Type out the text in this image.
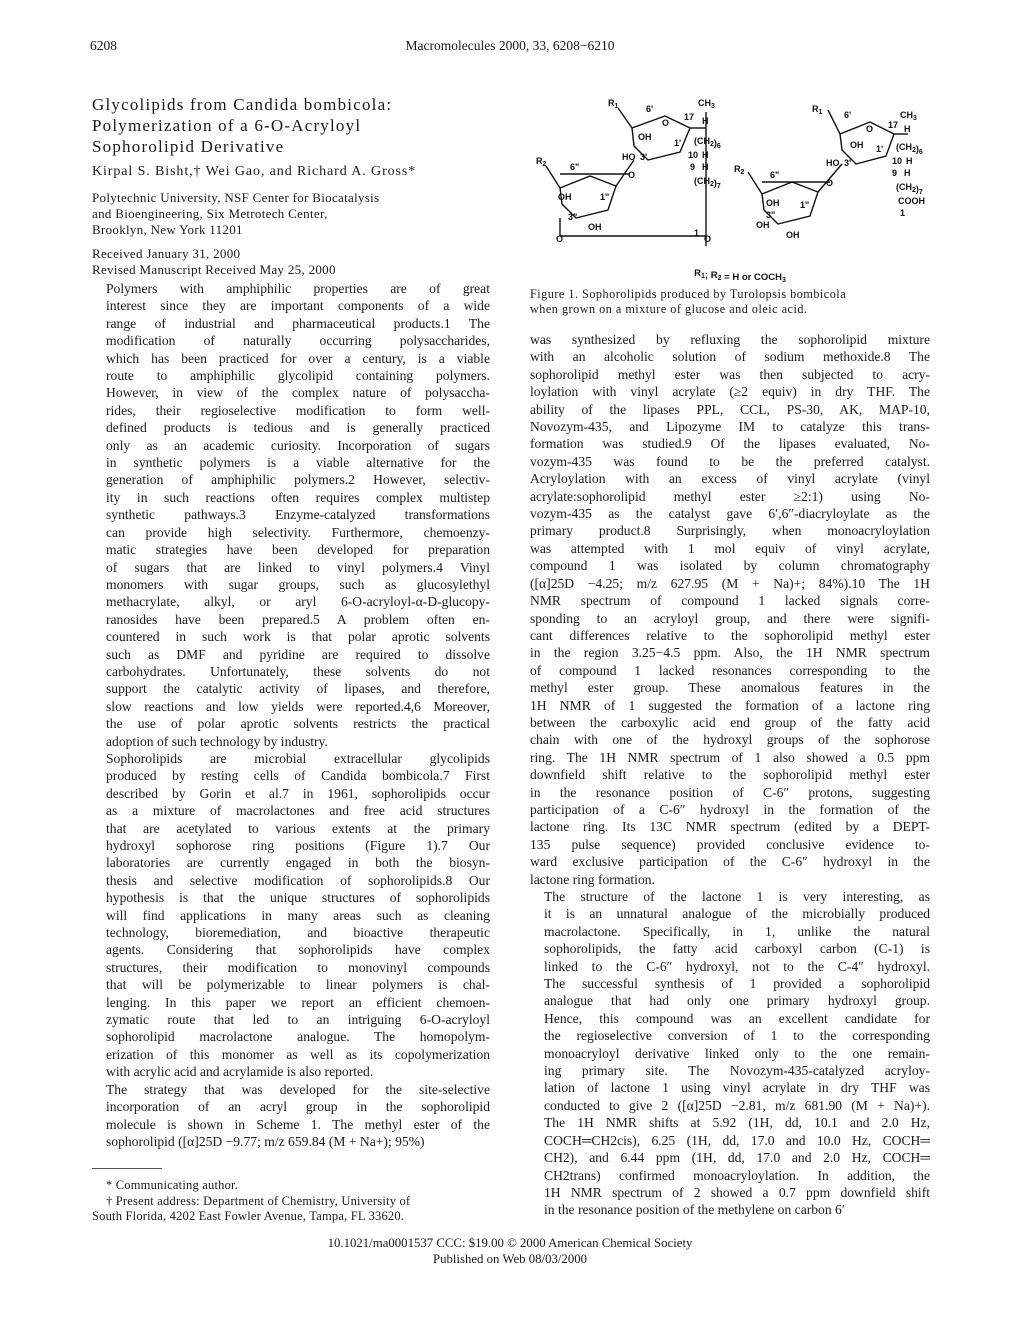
6208	Macromolecules 2000, 33, 6208−6210
Glycolipids from Candida bombicola:
Polymerization of a 6-O-Acryloyl
Sophorolipid Derivative
Kirpal S. Bisht,† Wei Gao, and Richard A. Gross*
Polytechnic University, NSF Center for Biocatalysis
and Bioengineering, Six Metrotech Center,
Brooklyn, New York 11201
Received January 31, 2000
Revised Manuscript Received May 25, 2000
$R_1$	6'
$CH_3$
17 H
O
OH
1' $(CH_2)_6$
HO 3'	10 H
9 H
$(CH_2)_7$
$R_2$	6"
O
OH	1"
3"
OH
1
O	O
$R_1$ 6'	$CH_3$
17 H
O
OH 1' $(CH_2)_6$
HO 3'	10 H
9 H
$(CH_2)_7$
COOH
1
$R_2$	6"
O
OH 1"
3"
OH
OH
$R_1$; $R_2 = H$ or $COCH_3$
Figure 1. Sophorolipids produced by Turolopsis bombicola
when grown on a mixture of glucose and oleic acid.

Polymers with amphiphilic properties are of great
interest since they are important components of a wide
range of industrial and pharmaceutical products.1 The
modification of naturally occurring polysaccharides,
which has been practiced for over a century, is a viable
route to amphiphilic glycolipid containing polymers.
However, in view of the complex nature of polysaccha-
rides, their regioselective modification to form well-
defined products is tedious and is generally practiced
only as an academic curiosity. Incorporation of sugars
in synthetic polymers is a viable alternative for the
generation of amphiphilic polymers.2 However, selectiv-
ity in such reactions often requires complex multistep
synthetic pathways.3 Enzyme-catalyzed transformations
can provide high selectivity. Furthermore, chemoenzy-
matic strategies have been developed for preparation
of sugars that are linked to vinyl polymers.4 Vinyl
monomers with sugar groups, such as glucosylethyl
methacrylate, alkyl, or aryl 6-O-acryloyl-α-D-glucopy-
ranosides have been prepared.5 A problem often en-
countered in such work is that polar aprotic solvents
such as DMF and pyridine are required to dissolve
carbohydrates. Unfortunately, these solvents do not
support the catalytic activity of lipases, and therefore,
slow reactions and low yields were reported.4,6 Moreover,
the use of polar aprotic solvents restricts the practical
adoption of such technology by industry.

Sophorolipids are microbial extracellular glycolipids
produced by resting cells of Candida bombicola.7 First
described by Gorin et al.7 in 1961, sophorolipids occur
as a mixture of macrolactones and free acid structures
that are acetylated to various extents at the primary
hydroxyl sophorose ring positions (Figure 1).7 Our
laboratories are currently engaged in both the biosyn-
thesis and selective modification of sophorolipids.8 Our
hypothesis is that the unique structures of sophorolipids
will find applications in many areas such as cleaning
technology, bioremediation, and bioactive therapeutic
agents. Considering that sophorolipids have complex
structures, their modification to monovinyl compounds
that will be polymerizable to linear polymers is chal-
lenging. In this paper we report an efficient chemoen-
zymatic route that led to an intriguing 6-O-acryloyl
sophorolipid macrolactone analogue. The homopolym-
erization of this monomer as well as its copolymerization
with acrylic acid and acrylamide is also reported.

The strategy that was developed for the site-selective
incorporation of an acryl group in the sophorolipid
molecule is shown in Scheme 1. The methyl ester of the
sophorolipid ([α]25D −9.77; m/z 659.84 (M + Na+); 95%)

was synthesized by refluxing the sophorolipid mixture
with an alcoholic solution of sodium methoxide.8 The
sophorolipid methyl ester was then subjected to acry-
loylation with vinyl acrylate (≥2 equiv) in dry THF. The
ability of the lipases PPL, CCL, PS-30, AK, MAP-10,
Novozym-435, and Lipozyme IM to catalyze this trans-
formation was studied.9 Of the lipases evaluated, No-
vozym-435 was found to be the preferred catalyst.
Acryloylation with an excess of vinyl acrylate (vinyl
acrylate:sophorolipid methyl ester ≥2:1) using No-
vozym-435 as the catalyst gave 6′,6″-diacryloylate as the
primary product.8 Surprisingly, when monoacryloylation
was attempted with 1 mol equiv of vinyl acrylate,
compound 1 was isolated by column chromatography
([α]25D −4.25; m/z 627.95 (M + Na)+; 84%).10 The 1H
NMR spectrum of compound 1 lacked signals corre-
sponding to an acryloyl group, and there were signifi-
cant differences relative to the sophorolipid methyl ester
in the region 3.25−4.5 ppm. Also, the 1H NMR spectrum
of compound 1 lacked resonances corresponding to the
methyl ester group. These anomalous features in the
1H NMR of 1 suggested the formation of a lactone ring
between the carboxylic acid end group of the fatty acid
chain with one of the hydroxyl groups of the sophorose
ring. The 1H NMR spectrum of 1 also showed a 0.5 ppm
downfield shift relative to the sophorolipid methyl ester
in the resonance position of C-6″ protons, suggesting
participation of a C-6″ hydroxyl in the formation of the
lactone ring. Its 13C NMR spectrum (edited by a DEPT-
135 pulse sequence) provided conclusive evidence to-
ward exclusive participation of the C-6″ hydroxyl in the
lactone ring formation.

The structure of the lactone 1 is very interesting, as
it is an unnatural analogue of the microbially produced
macrolactone. Specifically, in 1, unlike the natural
sophorolipids, the fatty acid carboxyl carbon (C-1) is
linked to the C-6″ hydroxyl, not to the C-4″ hydroxyl.
The successful synthesis of 1 provided a sophorolipid
analogue that had only one primary hydroxyl group.
Hence, this compound was an excellent candidate for
the regioselective conversion of 1 to the corresponding
monoacryloyl derivative linked only to the one remain-
ing primary site. The Novozym-435-catalyzed acryloy-
lation of lactone 1 using vinyl acrylate in dry THF was
conducted to give 2 ([α]25D −2.81, m/z 681.90 (M + Na)+).
The 1H NMR shifts at 5.92 (1H, dd, 10.1 and 2.0 Hz,
COCH═CH2cis), 6.25 (1H, dd, 17.0 and 10.0 Hz, COCH═
CH2), and 6.44 ppm (1H, dd, 17.0 and 2.0 Hz, COCH═
CH2trans) confirmed monoacryloylation. In addition, the
1H NMR spectrum of 2 showed a 0.7 ppm downfield shift
in the resonance position of the methylene on carbon 6′

* Communicating author.
† Present address: Department of Chemistry, University of
South Florida, 4202 East Fowler Avenue, Tampa, FL 33620.
10.1021/ma0001537 CCC: $19.00 © 2000 American Chemical Society
Published on Web 08/03/2000
